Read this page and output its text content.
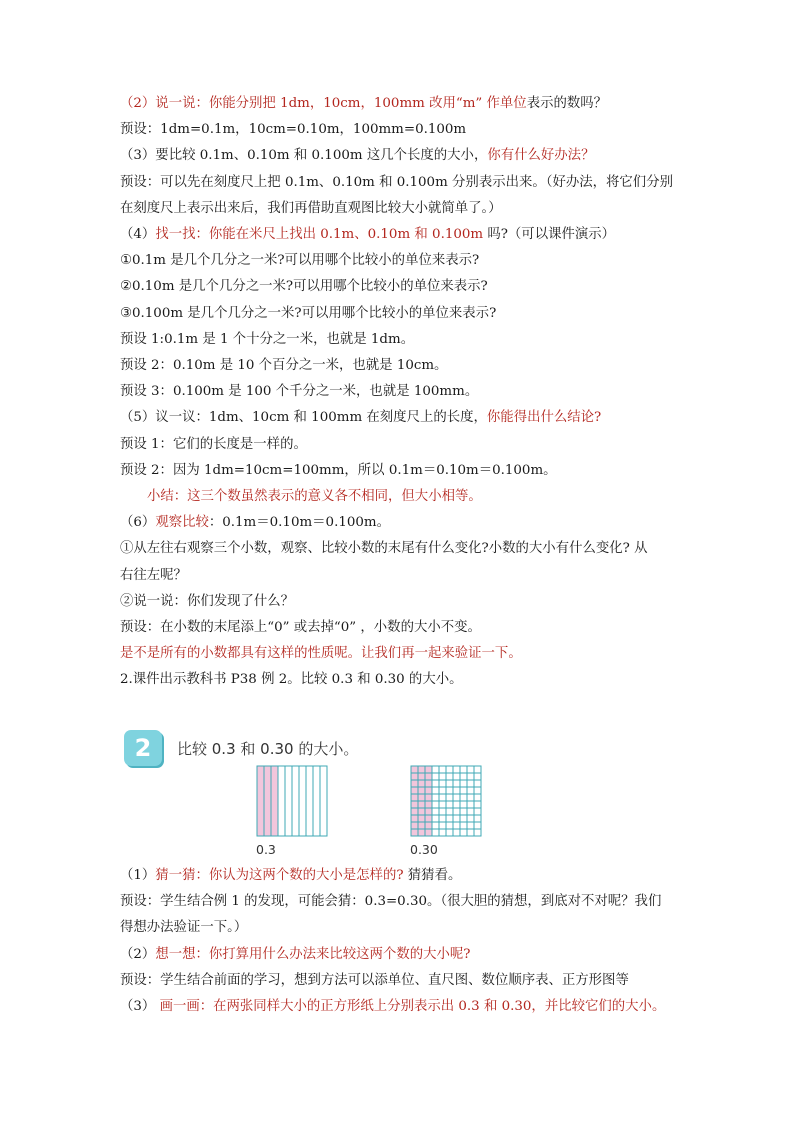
（2）说一说：你能分别把 1dm，10cm，100mm 改用“m” 作单位表示的数吗？
预设：1dm=0.1m，10cm=0.10m，100mm=0.100m
（3）要比较 0.1m、0.10m 和 0.100m 这几个长度的大小，你有什么好办法？
预设：可以先在刻度尺上把 0.1m、0.10m 和 0.100m 分别表示出来。（好办法，将它们分别
在刻度尺上表示出来后，我们再借助直观图比较大小就简单了。）
（4）找一找：你能在米尺上找出 0.1m、0.10m 和 0.100m 吗?（可以课件演示）
①0.1m 是几个几分之一米?可以用哪个比较小的单位来表示?
②0.10m 是几个几分之一米?可以用哪个比较小的单位来表示?
③0.100m 是几个几分之一米?可以用哪个比较小的单位来表示?
预设 1:0.1m 是 1 个十分之一米，也就是 1dm。
预设 2：0.10m 是 10 个百分之一米，也就是 10cm。
预设 3：0.100m 是 100 个千分之一米，也就是 100mm。
（5）议一议：1dm、10cm 和 100mm 在刻度尺上的长度，你能得出什么结论?
预设 1：它们的长度是一样的。
预设 2：因为 1dm=10cm=100mm，所以 0.1m＝0.10m＝0.100m。
小结：这三个数虽然表示的意义各不相同，但大小相等。
（6）观察比较：0.1m＝0.10m＝0.100m。
①从左往右观察三个小数，观察、比较小数的末尾有什么变化?小数的大小有什么变化? 从
右往左呢？
②说一说：你们发现了什么？
预设：在小数的末尾添上“0” 或去掉“0” ，小数的大小不变。
是不是所有的小数都具有这样的性质呢。让我们再一起来验证一下。
2.课件出示教科书 P38 例 2。比较 0.3 和 0.30 的大小。
2	比较 0.3 和 0.30 的大小。
0.3	0.30
（1）猜一猜：你认为这两个数的大小是怎样的? 猜猜看。
预设：学生结合例 1 的发现，可能会猜：0.3=0.30。（很大胆的猜想，到底对不对呢？我们
得想办法验证一下。）
（2）想一想：你打算用什么办法来比较这两个数的大小呢?
预设：学生结合前面的学习，想到方法可以添单位、直尺图、数位顺序表、正方形图等
（3） 画一画：在两张同样大小的正方形纸上分别表示出 0.3 和 0.30，并比较它们的大小。
